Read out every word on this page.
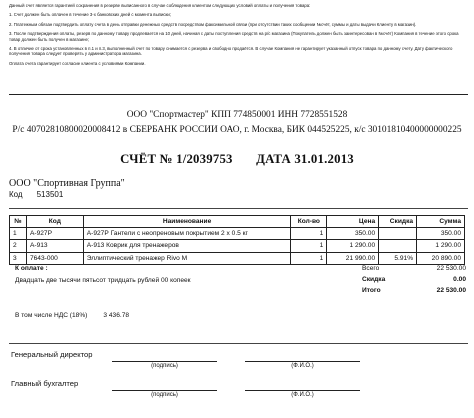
Данный счет является гарантией сохранения в резерве выписанного в случае соблюдения клиентом следующих условий оплаты и получения товара:

1. Счет должен быть оплачен в течение 3-х банковских дней с момента выписки;

2. Платежным обязан подтвердить оплату счета в день отправки денежных средств посредством факсимильной связи (при отсутствии таких сообщении №счёт, суммы и даты выдачи Клиенту в магазин).

3. После подтверждения оплаты, резерв по данному товару продлевается на 10 дней, начиная с даты поступления средств на р/с магазина (Покупатель должен быть заинтересован в №счёт) Компания в течение этого срока товар должен быть получен в магазине;

4. В отличие от срока установленных в п.1 и п.3, выполненный счет по товару снимается с резерва и свободно продаётся. В случае Компания не гарантирует указанный отпуск товара по данному счету. Дату фактического получения товара следует проверять у администратора магазина.

Оплата счета гарантирует согласие клиента с условиями Компании.

ООО "Спортмастер" КПП 774850001 ИНН 7728551528
Р/с 40702810800020008412 в СБЕРБАНК РОССИИ ОАО, г. Москва, БИК 044525225, к/с 30101810400000000225
СЧЁТ № 1/2039753 ДАТА 31.01.2013
ООО "Спортивная Группа"
Код 513501
№	Код	Наименование	Кол-во	Цена	Скидка	Сумма
1	А-927Р	А-927Р Гантели с неопреновым покрытием 2 х 0.5 кг	1	350.00		350.00
2	А-913	А-913 Коврик для тренажеров	1	1 290.00		1 290.00
3	7643-000	Эллиптический тренажер Rivo M	1	21 990.00	5.91%	20 890.00
К оплате :
Двадцать две тысячи пятьсот тридцать рублей 00 копеек
Всего	22 530.00
Скидка	0.00
Итого	22 530.00
В том числе НДС (18%) 3 436.78
Генеральный директор
(подпись)	(Ф.И.О.)
Главный бухгалтер
(подпись)	(Ф.И.О.)
